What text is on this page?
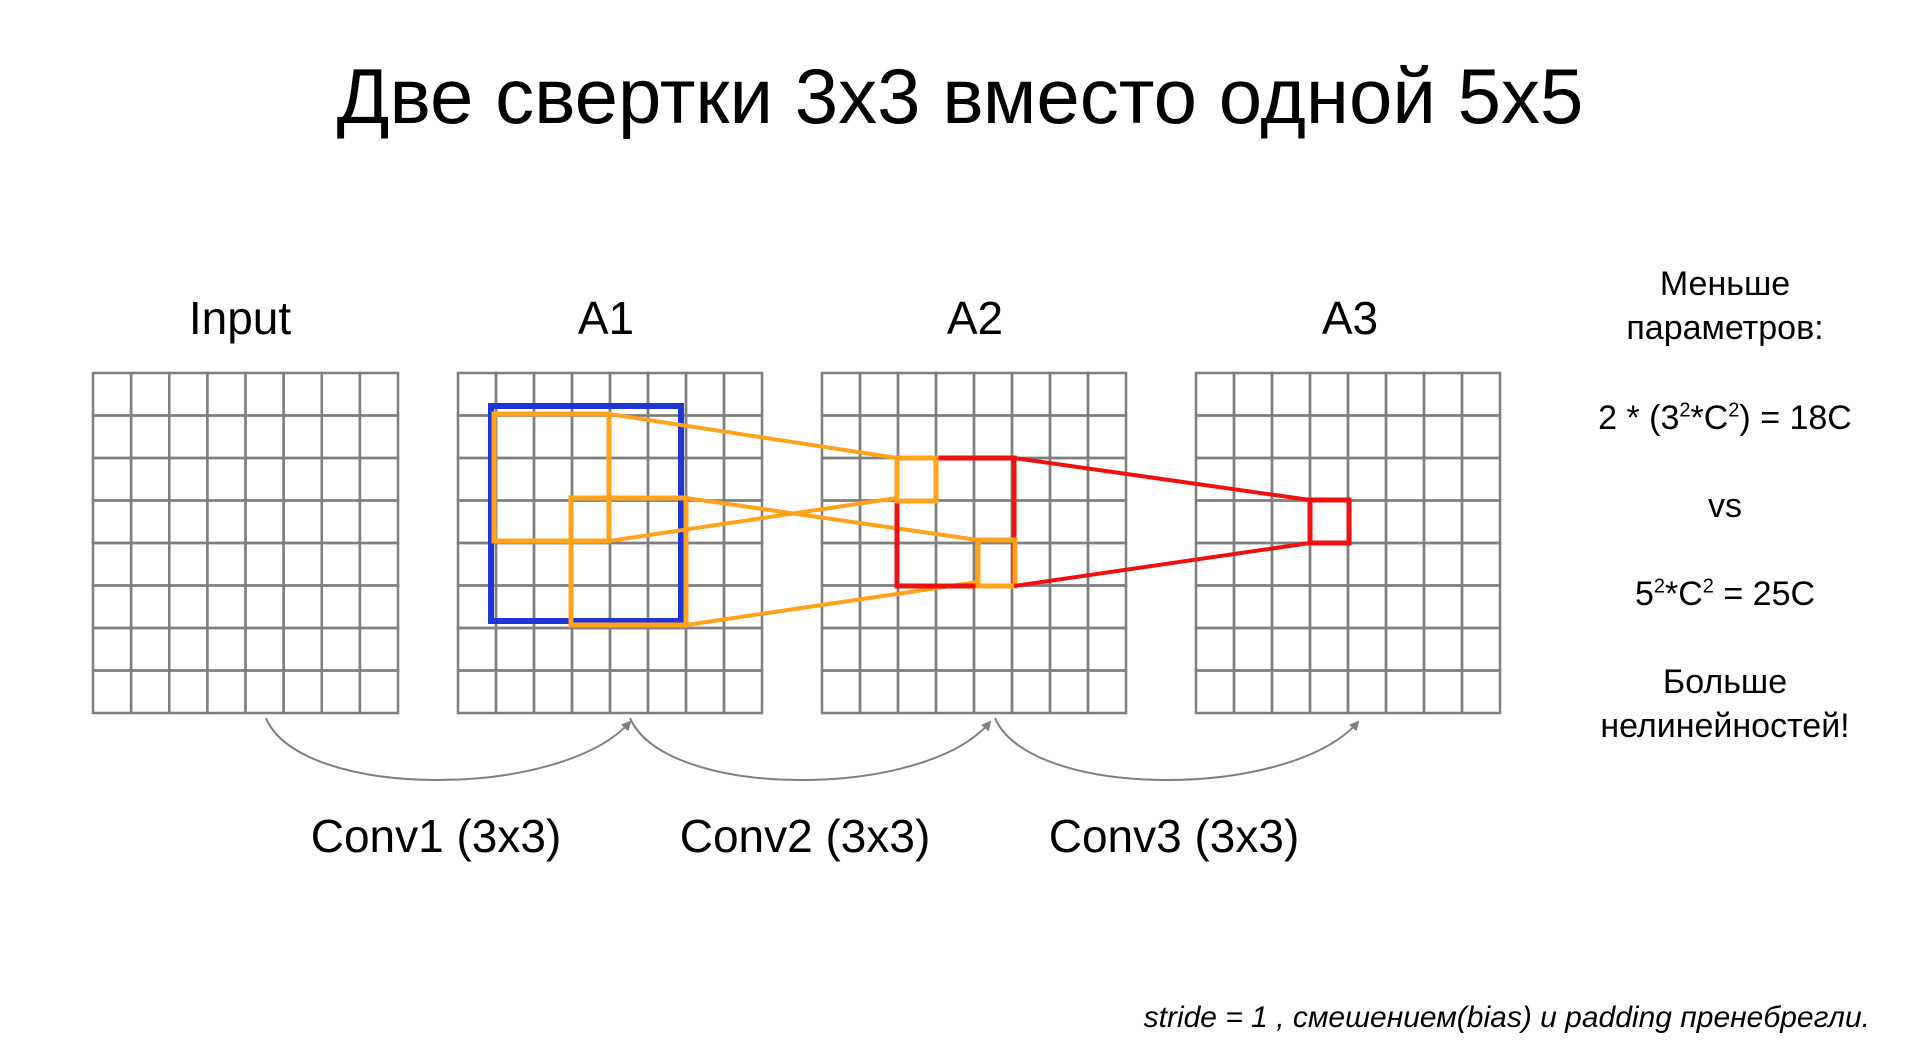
Две свертки 3x3 вместо одной 5x5
Input	A1	A2	A3
Conv1 (3x3)	Conv2 (3x3)	Conv3 (3x3)
Меньше
параметров:
$2 * (3^2*C^2) = 18C$
vs
$5^2*C^2 = 25C$
Больше
нелинейностей!
stride = 1 , смешением(bias) и padding пренебрегли.
